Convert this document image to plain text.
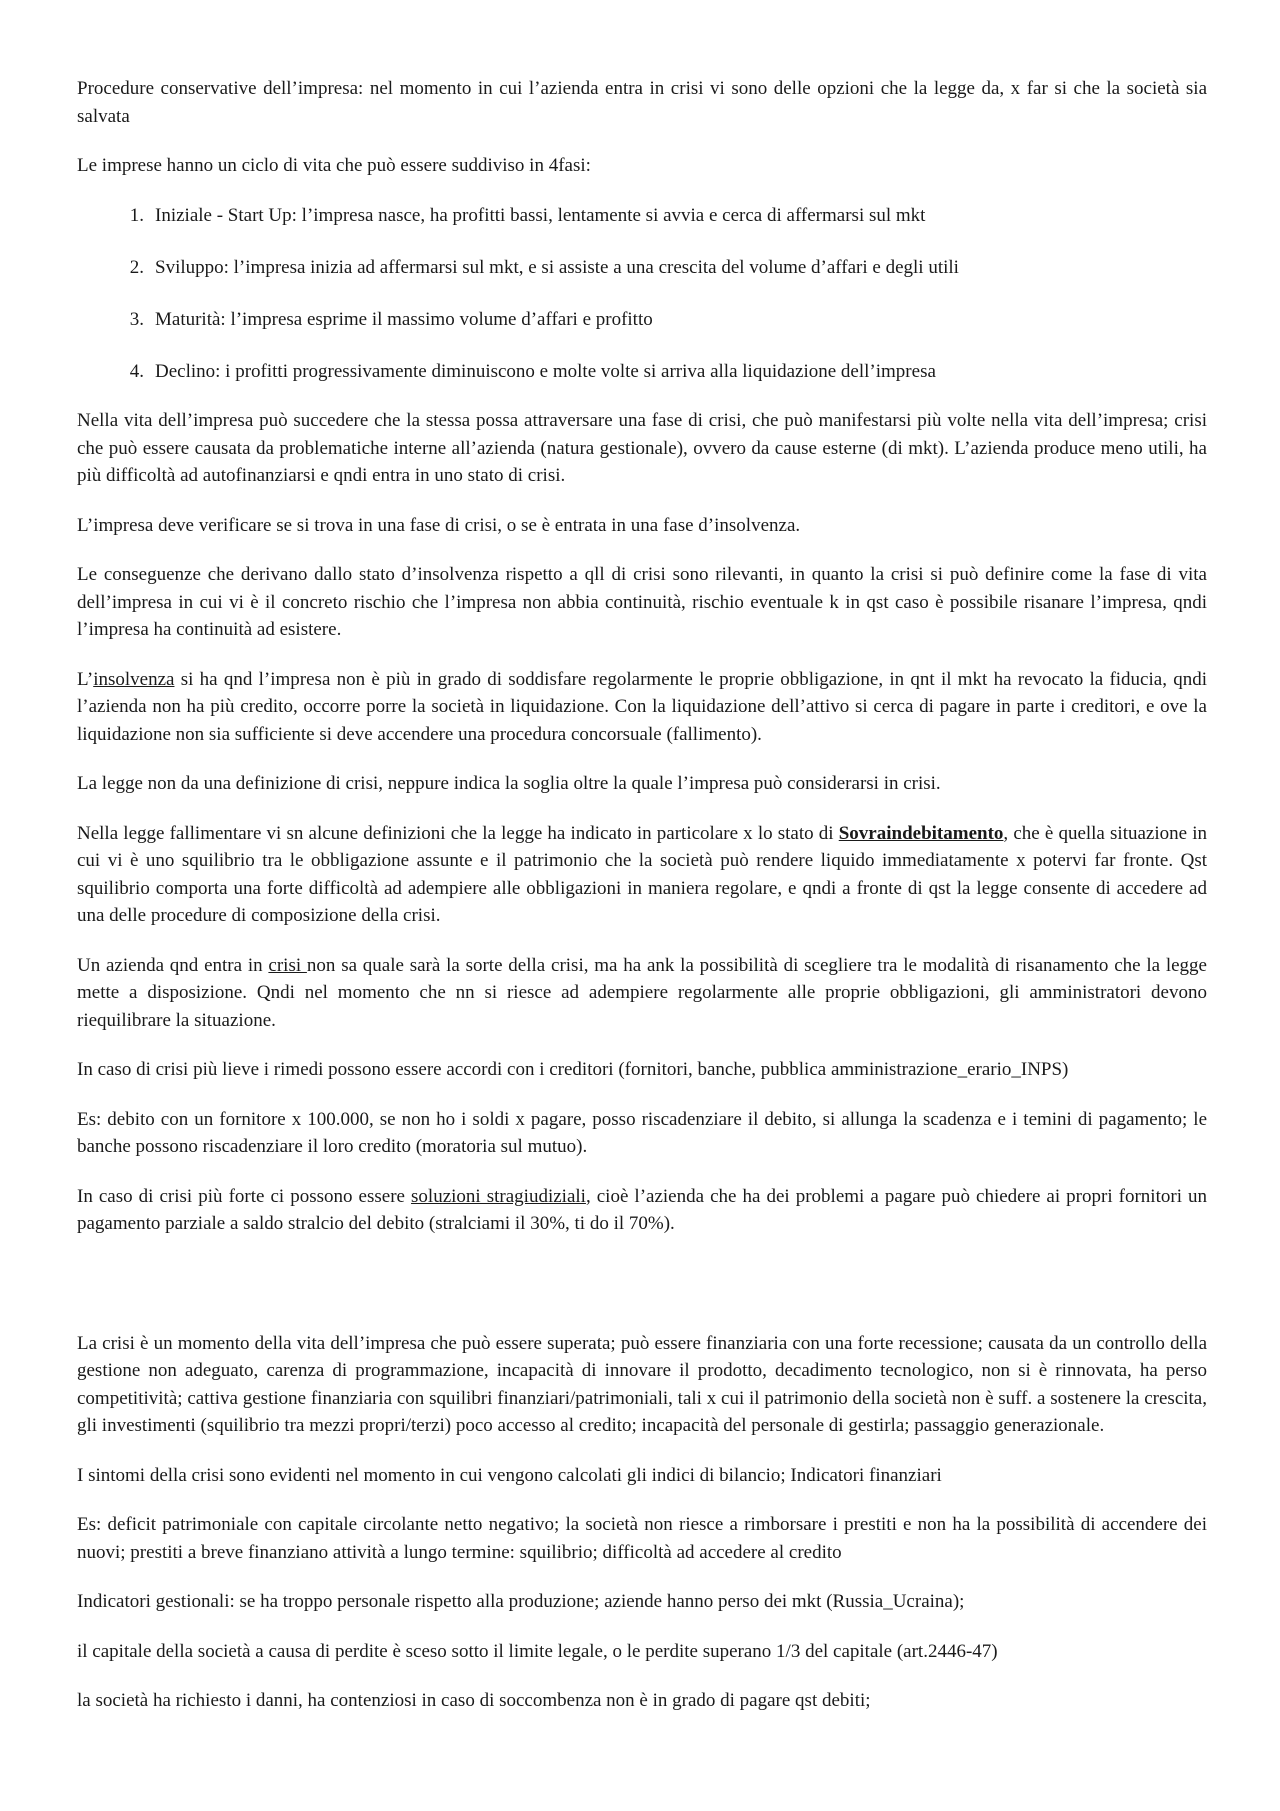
Procedure conservative dell’impresa: nel momento in cui l’azienda entra in crisi vi sono delle opzioni che la legge da, x far si che la società sia salvata

Le imprese hanno un ciclo di vita che può essere suddiviso in 4fasi:

1. Iniziale - Start Up: l’impresa nasce, ha profitti bassi, lentamente si avvia e cerca di affermarsi sul mkt
2. Sviluppo: l’impresa inizia ad affermarsi sul mkt, e si assiste a una crescita del volume d’affari e degli utili
3. Maturità: l’impresa esprime il massimo volume d’affari e profitto
4. Declino: i profitti progressivamente diminuiscono e molte volte si arriva alla liquidazione dell’impresa

Nella vita dell’impresa può succedere che la stessa possa attraversare una fase di crisi, che può manifestarsi più volte nella vita dell’impresa; crisi che può essere causata da problematiche interne all’azienda (natura gestionale), ovvero da cause esterne (di mkt). L’azienda produce meno utili, ha più difficoltà ad autofinanziarsi e qndi entra in uno stato di crisi.

L’impresa deve verificare se si trova in una fase di crisi, o se è entrata in una fase d’insolvenza.

Le conseguenze che derivano dallo stato d’insolvenza rispetto a qll di crisi sono rilevanti, in quanto la crisi si può definire come la fase di vita dell’impresa in cui vi è il concreto rischio che l’impresa non abbia continuità, rischio eventuale k in qst caso è possibile risanare l’impresa, qndi l’impresa ha continuità ad esistere.

L’insolvenza si ha qnd l’impresa non è più in grado di soddisfare regolarmente le proprie obbligazione, in qnt il mkt ha revocato la fiducia, qndi l’azienda non ha più credito, occorre porre la società in liquidazione. Con la liquidazione dell’attivo si cerca di pagare in parte i creditori, e ove la liquidazione non sia sufficiente si deve accendere una procedura concorsuale (fallimento).

La legge non da una definizione di crisi, neppure indica la soglia oltre la quale l’impresa può considerarsi in crisi.

Nella legge fallimentare vi sn alcune definizioni che la legge ha indicato in particolare x lo stato di Sovraindebitamento, che è quella situazione in cui vi è uno squilibrio tra le obbligazione assunte e il patrimonio che la società può rendere liquido immediatamente x potervi far fronte. Qst squilibrio comporta una forte difficoltà ad adempiere alle obbligazioni in maniera regolare, e qndi a fronte di qst la legge consente di accedere ad una delle procedure di composizione della crisi.

Un azienda qnd entra in crisi non sa quale sarà la sorte della crisi, ma ha ank la possibilità di scegliere tra le modalità di risanamento che la legge mette a disposizione. Qndi nel momento che nn si riesce ad adempiere regolarmente alle proprie obbligazioni, gli amministratori devono riequilibrare la situazione.

In caso di crisi più lieve i rimedi possono essere accordi con i creditori (fornitori, banche, pubblica amministrazione_erario_INPS)

Es: debito con un fornitore x 100.000, se non ho i soldi x pagare, posso riscadenziare il debito, si allunga la scadenza e i temini di pagamento; le banche possono riscadenziare il loro credito (moratoria sul mutuo).

In caso di crisi più forte ci possono essere soluzioni stragiudiziali, cioè l’azienda che ha dei problemi a pagare può chiedere ai propri fornitori un pagamento parziale a saldo stralcio del debito (stralciami il 30%, ti do il 70%).

La crisi è un momento della vita dell’impresa che può essere superata; può essere finanziaria con una forte recessione; causata da un controllo della gestione non adeguato, carenza di programmazione, incapacità di innovare il prodotto, decadimento tecnologico, non si è rinnovata, ha perso competitività; cattiva gestione finanziaria con squilibri finanziari/patrimoniali, tali x cui il patrimonio della società non è suff. a sostenere la crescita, gli investimenti (squilibrio tra mezzi propri/terzi) poco accesso al credito; incapacità del personale di gestirla; passaggio generazionale.

I sintomi della crisi sono evidenti nel momento in cui vengono calcolati gli indici di bilancio; Indicatori finanziari

Es: deficit patrimoniale con capitale circolante netto negativo; la società non riesce a rimborsare i prestiti e non ha la possibilità di accendere dei nuovi; prestiti a breve finanziano attività a lungo termine: squilibrio; difficoltà ad accedere al credito

Indicatori gestionali: se ha troppo personale rispetto alla produzione; aziende hanno perso dei mkt (Russia_Ucraina);

il capitale della società a causa di perdite è sceso sotto il limite legale, o le perdite superano 1/3 del capitale (art.2446-47)

la società ha richiesto i danni, ha contenziosi in caso di soccombenza non è in grado di pagare qst debiti;
